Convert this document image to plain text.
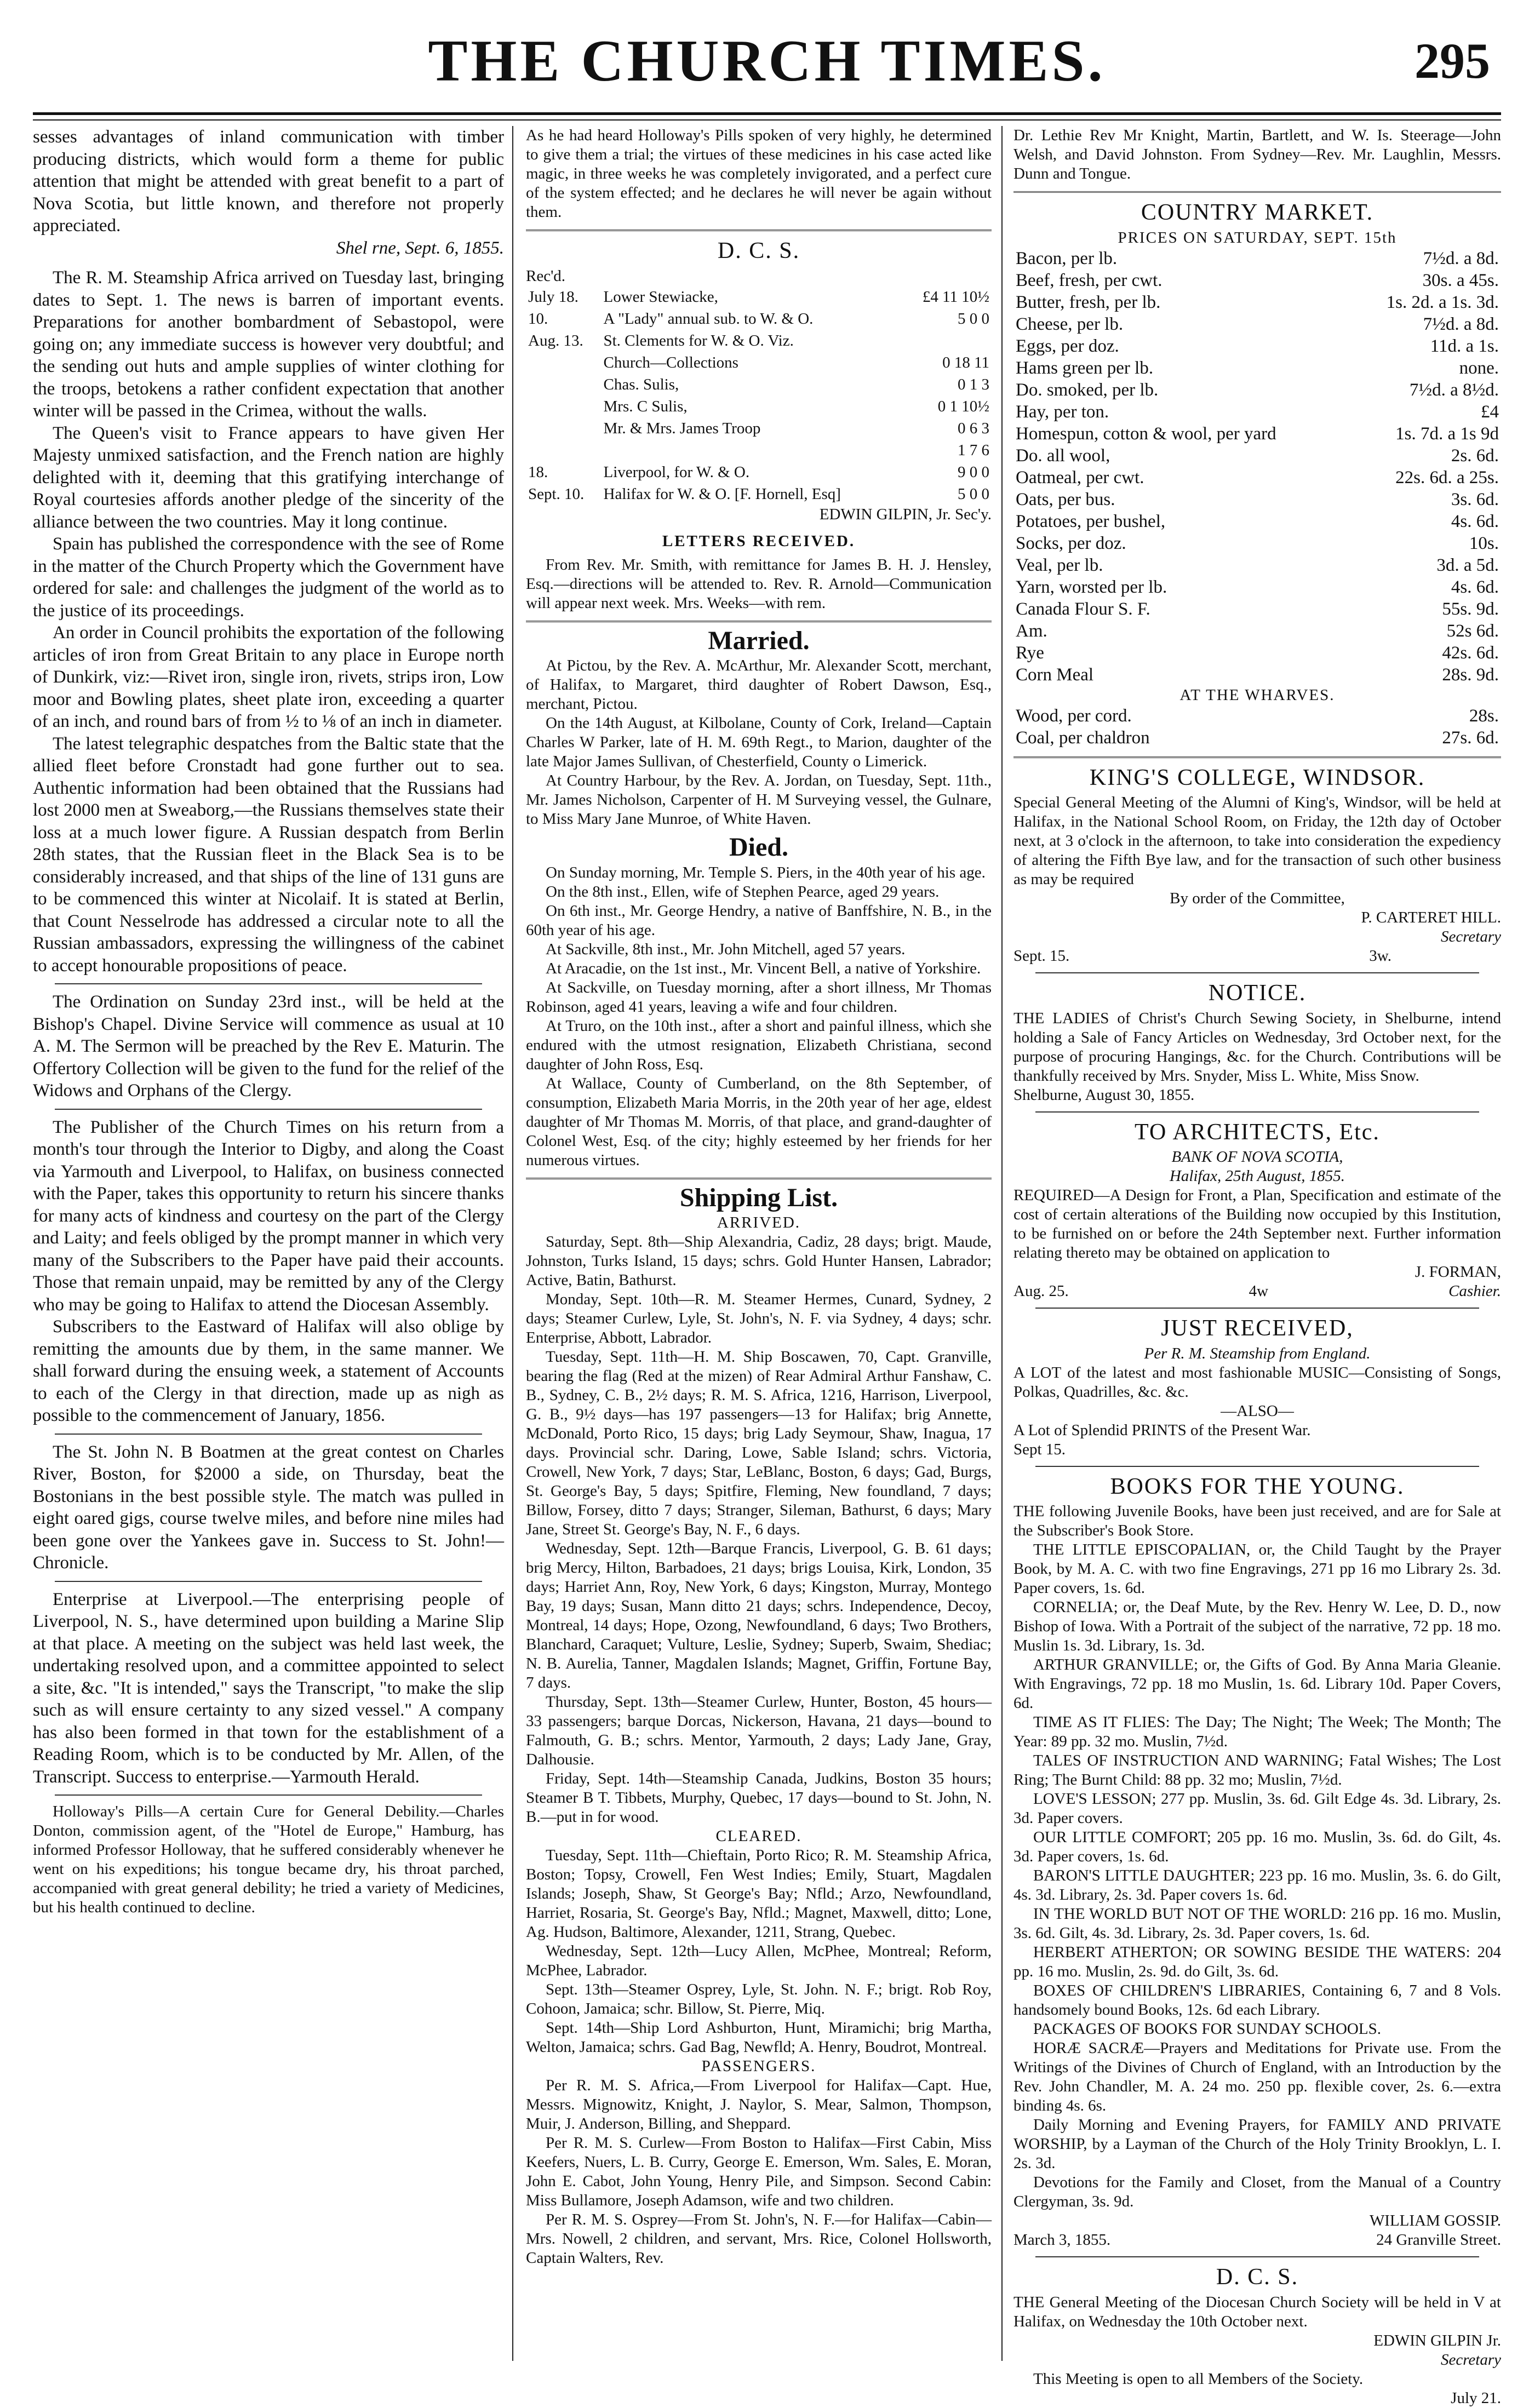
THE CHURCH TIMES.	295

sesses advantages of inland communication with timber producing districts, which would form a theme for public attention that might be attended with great benefit to a part of Nova Scotia, but little known, and therefore not properly appreciated.

Shel rne, Sept. 6, 1855.

The R. M. Steamship Africa arrived on Tuesday last, bringing dates to Sept. 1. The news is barren of important events. Preparations for another bombardment of Sebastopol, were going on; any immediate success is however very doubtful; and the sending out huts and ample supplies of winter clothing for the troops, betokens a rather confident expectation that another winter will be passed in the Crimea, without the walls.

The Queen's visit to France appears to have given Her Majesty unmixed satisfaction, and the French nation are highly delighted with it, deeming that this gratifying interchange of Royal courtesies affords another pledge of the sincerity of the alliance between the two countries. May it long continue.

Spain has published the correspondence with the see of Rome in the matter of the Church Property which the Government have ordered for sale: and challenges the judgment of the world as to the justice of its proceedings.

An order in Council prohibits the exportation of the following articles of iron from Great Britain to any place in Europe north of Dunkirk, viz:—Rivet iron, single iron, rivets, strips iron, Low moor and Bowling plates, sheet plate iron, exceeding a quarter of an inch, and round bars of from ½ to ⅛ of an inch in diameter.

The latest telegraphic despatches from the Baltic state that the allied fleet before Cronstadt had gone further out to sea. Authentic information had been obtained that the Russians had lost 2000 men at Sweaborg,—the Russians themselves state their loss at a much lower figure. A Russian despatch from Berlin 28th states, that the Russian fleet in the Black Sea is to be considerably increased, and that ships of the line of 131 guns are to be commenced this winter at Nicolaif. It is stated at Berlin, that Count Nesselrode has addressed a circular note to all the Russian ambassadors, expressing the willingness of the cabinet to accept honourable propositions of peace.

The Ordination on Sunday 23rd inst., will be held at the Bishop's Chapel. Divine Service will commence as usual at 10 A. M. The Sermon will be preached by the Rev E. Maturin. The Offertory Collection will be given to the fund for the relief of the Widows and Orphans of the Clergy.

The Publisher of the Church Times on his return from a month's tour through the Interior to Digby, and along the Coast via Yarmouth and Liverpool, to Halifax, on business connected with the Paper, takes this opportunity to return his sincere thanks for many acts of kindness and courtesy on the part of the Clergy and Laity; and feels obliged by the prompt manner in which very many of the Subscribers to the Paper have paid their accounts. Those that remain unpaid, may be remitted by any of the Clergy who may be going to Halifax to attend the Diocesan Assembly.

Subscribers to the Eastward of Halifax will also oblige by remitting the amounts due by them, in the same manner. We shall forward during the ensuing week, a statement of Accounts to each of the Clergy in that direction, made up as nigh as possible to the commencement of January, 1856.

The St. John N. B Boatmen at the great contest on Charles River, Boston, for $2000 a side, on Thursday, beat the Bostonians in the best possible style. The match was pulled in eight oared gigs, course twelve miles, and before nine miles had been gone over the Yankees gave in. Success to St. John!—Chronicle.

Enterprise at Liverpool.—The enterprising people of Liverpool, N. S., have determined upon building a Marine Slip at that place. A meeting on the subject was held last week, the undertaking resolved upon, and a committee appointed to select a site, &c. "It is intended," says the Transcript, "to make the slip such as will ensure certainty to any sized vessel." A company has also been formed in that town for the establishment of a Reading Room, which is to be conducted by Mr. Allen, of the Transcript. Success to enterprise.—Yarmouth Herald.

Holloway's Pills—A certain Cure for General Debility.—Charles Donton, commission agent, of the "Hotel de Europe," Hamburg, has informed Professor Holloway, that he suffered considerably whenever he went on his expeditions; his tongue became dry, his throat parched, accompanied with great general debility; he tried a variety of Medicines, but his health continued to decline.

As he had heard Holloway's Pills spoken of very highly, he determined to give them a trial; the virtues of these medicines in his case acted like magic, in three weeks he was completely invigorated, and a perfect cure of the system effected; and he declares he will never be again without them.

D. C. S.
Rec'd.
July 18.	Lower Stewiacke,	£4 11 10½
10.	A "Lady" annual sub. to W. & O.	5 0 0
Aug. 13.	St. Clements for W. & O. Viz.	
	Church—Collections	0 18 11
	Chas. Sulis,	0 1 3
	Mrs. C Sulis,	0 1 10½
	Mr. & Mrs. James Troop	0 6 3
		1 7 6
18.	Liverpool, for W. & O.	9 0 0
Sept. 10.	Halifax for W. & O. [F. Hornell, Esq]	5 0 0
EDWIN GILPIN, Jr. Sec'y.
LETTERS RECEIVED.

From Rev. Mr. Smith, with remittance for James B. H. J. Hensley, Esq.—directions will be attended to. Rev. R. Arnold—Communication will appear next week. Mrs. Weeks—with rem.

Married.

At Pictou, by the Rev. A. McArthur, Mr. Alexander Scott, merchant, of Halifax, to Margaret, third daughter of Robert Dawson, Esq., merchant, Pictou.

On the 14th August, at Kilbolane, County of Cork, Ireland—Captain Charles W Parker, late of H. M. 69th Regt., to Marion, daughter of the late Major James Sullivan, of Chesterfield, County o Limerick.

At Country Harbour, by the Rev. A. Jordan, on Tuesday, Sept. 11th., Mr. James Nicholson, Carpenter of H. M Surveying vessel, the Gulnare, to Miss Mary Jane Munroe, of White Haven.

Died.

On Sunday morning, Mr. Temple S. Piers, in the 40th year of his age.

On the 8th inst., Ellen, wife of Stephen Pearce, aged 29 years.

On 6th inst., Mr. George Hendry, a native of Banffshire, N. B., in the 60th year of his age.

At Sackville, 8th inst., Mr. John Mitchell, aged 57 years.

At Aracadie, on the 1st inst., Mr. Vincent Bell, a native of Yorkshire.

At Sackville, on Tuesday morning, after a short illness, Mr Thomas Robinson, aged 41 years, leaving a wife and four children.

At Truro, on the 10th inst., after a short and painful illness, which she endured with the utmost resignation, Elizabeth Christiana, second daughter of John Ross, Esq.

At Wallace, County of Cumberland, on the 8th September, of consumption, Elizabeth Maria Morris, in the 20th year of her age, eldest daughter of Mr Thomas M. Morris, of that place, and grand-daughter of Colonel West, Esq. of the city; highly esteemed by her friends for her numerous virtues.

Shipping List.
ARRIVED.

Saturday, Sept. 8th—Ship Alexandria, Cadiz, 28 days; brigt. Maude, Johnston, Turks Island, 15 days; schrs. Gold Hunter Hansen, Labrador; Active, Batin, Bathurst.

Monday, Sept. 10th—R. M. Steamer Hermes, Cunard, Sydney, 2 days; Steamer Curlew, Lyle, St. John's, N. F. via Sydney, 4 days; schr. Enterprise, Abbott, Labrador.

Tuesday, Sept. 11th—H. M. Ship Boscawen, 70, Capt. Granville, bearing the flag (Red at the mizen) of Rear Admiral Arthur Fanshaw, C. B., Sydney, C. B., 2½ days; R. M. S. Africa, 1216, Harrison, Liverpool, G. B., 9½ days—has 197 passengers—13 for Halifax; brig Annette, McDonald, Porto Rico, 15 days; brig Lady Seymour, Shaw, Inagua, 17 days. Provincial schr. Daring, Lowe, Sable Island; schrs. Victoria, Crowell, New York, 7 days; Star, LeBlanc, Boston, 6 days; Gad, Burgs, St. George's Bay, 5 days; Spitfire, Fleming, New foundland, 7 days; Billow, Forsey, ditto 7 days; Stranger, Sileman, Bathurst, 6 days; Mary Jane, Street St. George's Bay, N. F., 6 days.

Wednesday, Sept. 12th—Barque Francis, Liverpool, G. B. 61 days; brig Mercy, Hilton, Barbadoes, 21 days; brigs Louisa, Kirk, London, 35 days; Harriet Ann, Roy, New York, 6 days; Kingston, Murray, Montego Bay, 19 days; Susan, Mann ditto 21 days; schrs. Independence, Decoy, Montreal, 14 days; Hope, Ozong, Newfoundland, 6 days; Two Brothers, Blanchard, Caraquet; Vulture, Leslie, Sydney; Superb, Swaim, Shediac; N. B. Aurelia, Tanner, Magdalen Islands; Magnet, Griffin, Fortune Bay, 7 days.

Thursday, Sept. 13th—Steamer Curlew, Hunter, Boston, 45 hours—33 passengers; barque Dorcas, Nickerson, Havana, 21 days—bound to Falmouth, G. B.; schrs. Mentor, Yarmouth, 2 days; Lady Jane, Gray, Dalhousie.

Friday, Sept. 14th—Steamship Canada, Judkins, Boston 35 hours; Steamer B T. Tibbets, Murphy, Quebec, 17 days—bound to St. John, N. B.—put in for wood.

CLEARED.

Tuesday, Sept. 11th—Chieftain, Porto Rico; R. M. Steamship Africa, Boston; Topsy, Crowell, Fen West Indies; Emily, Stuart, Magdalen Islands; Joseph, Shaw, St George's Bay; Nfld.; Arzo, Newfoundland, Harriet, Rosaria, St. George's Bay, Nfld.; Magnet, Maxwell, ditto; Lone, Ag. Hudson, Baltimore, Alexander, 1211, Strang, Quebec.

Wednesday, Sept. 12th—Lucy Allen, McPhee, Montreal; Reform, McPhee, Labrador.

Sept. 13th—Steamer Osprey, Lyle, St. John. N. F.; brigt. Rob Roy, Cohoon, Jamaica; schr. Billow, St. Pierre, Miq.

Sept. 14th—Ship Lord Ashburton, Hunt, Miramichi; brig Martha, Welton, Jamaica; schrs. Gad Bag, Newfld; A. Henry, Boudrot, Montreal.

PASSENGERS.

Per R. M. S. Africa,—From Liverpool for Halifax—Capt. Hue, Messrs. Mignowitz, Knight, J. Naylor, S. Mear, Salmon, Thompson, Muir, J. Anderson, Billing, and Sheppard.

Per R. M. S. Curlew—From Boston to Halifax—First Cabin, Miss Keefers, Nuers, L. B. Curry, George E. Emerson, Wm. Sales, E. Moran, John E. Cabot, John Young, Henry Pile, and Simpson. Second Cabin: Miss Bullamore, Joseph Adamson, wife and two children.

Per R. M. S. Osprey—From St. John's, N. F.—for Halifax—Cabin—Mrs. Nowell, 2 children, and servant, Mrs. Rice, Colonel Hollsworth, Captain Walters, Rev.

Dr. Lethie Rev Mr Knight, Martin, Bartlett, and W. Is. Steerage—John Welsh, and David Johnston. From Sydney—Rev. Mr. Laughlin, Messrs. Dunn and Tongue.

COUNTRY MARKET.
PRICES ON SATURDAY, SEPT. 15th
Bacon, per lb.	7½d. a 8d.
Beef, fresh, per cwt.	30s. a 45s.
Butter, fresh, per lb.	1s. 2d. a 1s. 3d.
Cheese, per lb.	7½d. a 8d.
Eggs, per doz.	11d. a 1s.
Hams green per lb.	none.
Do. smoked, per lb.	7½d. a 8½d.
Hay, per ton.	£4
Homespun, cotton & wool, per yard	1s. 7d. a 1s 9d
Do. all wool,	2s. 6d.
Oatmeal, per cwt.	22s. 6d. a 25s.
Oats, per bus.	3s. 6d.
Potatoes, per bushel,	4s. 6d.
Socks, per doz.	10s.
Veal, per lb.	3d. a 5d.
Yarn, worsted per lb.	4s. 6d.
Canada Flour S. F.	55s. 9d.
Am.	52s 6d.
Rye	42s. 6d.
Corn Meal	28s. 9d.
AT THE WHARVES.
Wood, per cord.	28s.
Coal, per chaldron	27s. 6d.
KING'S COLLEGE, WINDSOR.

Special General Meeting of the Alumni of King's, Windsor, will be held at Halifax, in the National School Room, on Friday, the 12th day of October next, at 3 o'clock in the afternoon, to take into consideration the expediency of altering the Fifth Bye law, and for the transaction of such other business as may be required

By order of the Committee,
P. CARTERET HILL.
Secretary
Sept. 15.	3w.
NOTICE.

THE LADIES of Christ's Church Sewing Society, in Shelburne, intend holding a Sale of Fancy Articles on Wednesday, 3rd October next, for the purpose of procuring Hangings, &c. for the Church. Contributions will be thankfully received by Mrs. Snyder, Miss L. White, Miss Snow.

Shelburne, August 30, 1855.
TO ARCHITECTS, Etc.
BANK OF NOVA SCOTIA,
Halifax, 25th August, 1855.

REQUIRED—A Design for Front, a Plan, Specification and estimate of the cost of certain alterations of the Building now occupied by this Institution, to be furnished on or before the 24th September next. Further information relating thereto may be obtained on application to

J. FORMAN,
Aug. 25.	4w	Cashier.
JUST RECEIVED,
Per R. M. Steamship from England.

A LOT of the latest and most fashionable MUSIC—Consisting of Songs, Polkas, Quadrilles, &c. &c.

—ALSO—

A Lot of Splendid PRINTS of the Present War.

Sept 15.
BOOKS FOR THE YOUNG.

THE following Juvenile Books, have been just received, and are for Sale at the Subscriber's Book Store.

THE LITTLE EPISCOPALIAN, or, the Child Taught by the Prayer Book, by M. A. C. with two fine Engravings, 271 pp 16 mo Library 2s. 3d. Paper covers, 1s. 6d.

CORNELIA; or, the Deaf Mute, by the Rev. Henry W. Lee, D. D., now Bishop of Iowa. With a Portrait of the subject of the narrative, 72 pp. 18 mo. Muslin 1s. 3d. Library, 1s. 3d.

ARTHUR GRANVILLE; or, the Gifts of God. By Anna Maria Gleanie. With Engravings, 72 pp. 18 mo Muslin, 1s. 6d. Library 10d. Paper Covers, 6d.

TIME AS IT FLIES: The Day; The Night; The Week; The Month; The Year: 89 pp. 32 mo. Muslin, 7½d.

TALES OF INSTRUCTION AND WARNING; Fatal Wishes; The Lost Ring; The Burnt Child: 88 pp. 32 mo; Muslin, 7½d.

LOVE'S LESSON; 277 pp. Muslin, 3s. 6d. Gilt Edge 4s. 3d. Library, 2s. 3d. Paper covers.

OUR LITTLE COMFORT; 205 pp. 16 mo. Muslin, 3s. 6d. do Gilt, 4s. 3d. Paper covers, 1s. 6d.

BARON'S LITTLE DAUGHTER; 223 pp. 16 mo. Muslin, 3s. 6. do Gilt, 4s. 3d. Library, 2s. 3d. Paper covers 1s. 6d.

IN THE WORLD BUT NOT OF THE WORLD: 216 pp. 16 mo. Muslin, 3s. 6d. Gilt, 4s. 3d. Library, 2s. 3d. Paper covers, 1s. 6d.

HERBERT ATHERTON; OR SOWING BESIDE THE WATERS: 204 pp. 16 mo. Muslin, 2s. 9d. do Gilt, 3s. 6d.

BOXES OF CHILDREN'S LIBRARIES, Containing 6, 7 and 8 Vols. handsomely bound Books, 12s. 6d each Library.

PACKAGES OF BOOKS FOR SUNDAY SCHOOLS.

HORÆ SACRÆ—Prayers and Meditations for Private use. From the Writings of the Divines of Church of England, with an Introduction by the Rev. John Chandler, M. A. 24 mo. 250 pp. flexible cover, 2s. 6.—extra binding 4s. 6s.

Daily Morning and Evening Prayers, for FAMILY AND PRIVATE WORSHIP, by a Layman of the Church of the Holy Trinity Brooklyn, L. I. 2s. 3d.

Devotions for the Family and Closet, from the Manual of a Country Clergyman, 3s. 9d.

WILLIAM GOSSIP.
March 3, 1855.	24 Granville Street.
D. C. S.

THE General Meeting of the Diocesan Church Society will be held in V at Halifax, on Wednesday the 10th October next.

EDWIN GILPIN Jr.
Secretary

This Meeting is open to all Members of the Society.

July 21.
